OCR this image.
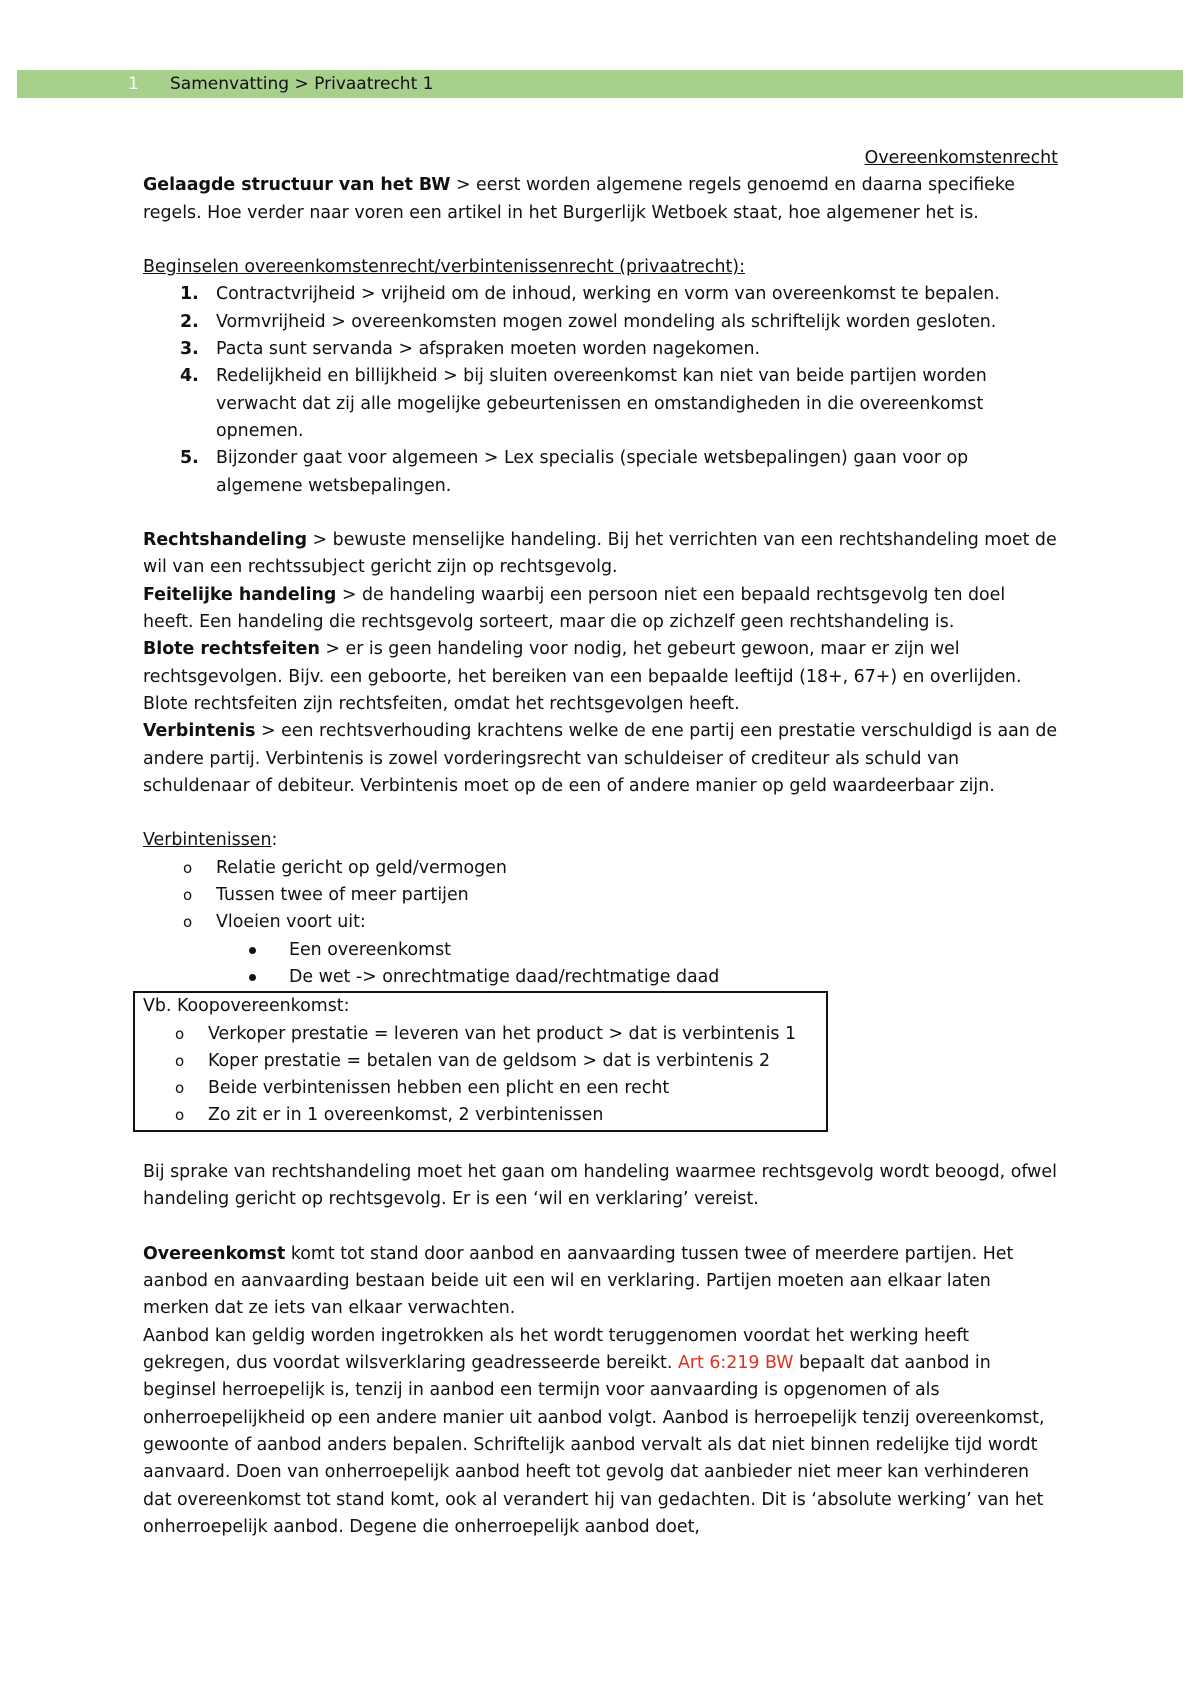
1 Samenvatting > Privaatrecht 1
Overeenkomstenrecht

Gelaagde structuur van het BW > eerst worden algemene regels genoemd en daarna specifieke regels. Hoe verder naar voren een artikel in het Burgerlijk Wetboek staat, hoe algemener het is.

Beginselen overeenkomstenrecht/verbintenissenrecht (privaatrecht):

1. Contractvrijheid > vrijheid om de inhoud, werking en vorm van overeenkomst te bepalen.
2. Vormvrijheid > overeenkomsten mogen zowel mondeling als schriftelijk worden gesloten.
3. Pacta sunt servanda > afspraken moeten worden nagekomen.
4. Redelijkheid en billijkheid > bij sluiten overeenkomst kan niet van beide partijen worden verwacht dat zij alle mogelijke gebeurtenissen en omstandigheden in die overeenkomst opnemen.
5. Bijzonder gaat voor algemeen > Lex specialis (speciale wetsbepalingen) gaan voor op algemene wetsbepalingen.

Rechtshandeling > bewuste menselijke handeling. Bij het verrichten van een rechtshandeling moet de wil van een rechtssubject gericht zijn op rechtsgevolg.

Feitelijke handeling > de handeling waarbij een persoon niet een bepaald rechtsgevolg ten doel heeft. Een handeling die rechtsgevolg sorteert, maar die op zichzelf geen rechtshandeling is.

Blote rechtsfeiten > er is geen handeling voor nodig, het gebeurt gewoon, maar er zijn wel rechtsgevolgen. Bijv. een geboorte, het bereiken van een bepaalde leeftijd (18+, 67+) en overlijden. Blote rechtsfeiten zijn rechtsfeiten, omdat het rechtsgevolgen heeft.

Verbintenis > een rechtsverhouding krachtens welke de ene partij een prestatie verschuldigd is aan de andere partij. Verbintenis is zowel vorderingsrecht van schuldeiser of crediteur als schuld van schuldenaar of debiteur. Verbintenis moet op de een of andere manier op geld waardeerbaar zijn.

Verbintenissen:

o Relatie gericht op geld/vermogen
o Tussen twee of meer partijen
o Vloeien voort uit:
Een overeenkomst
De wet -> onrechtmatige daad/rechtmatige daad

Vb. Koopovereenkomst:

o Verkoper prestatie = leveren van het product > dat is verbintenis 1
o Koper prestatie = betalen van de geldsom > dat is verbintenis 2
o Beide verbintenissen hebben een plicht en een recht
o Zo zit er in 1 overeenkomst, 2 verbintenissen

Bij sprake van rechtshandeling moet het gaan om handeling waarmee rechtsgevolg wordt beoogd, ofwel handeling gericht op rechtsgevolg. Er is een ‘wil en verklaring’ vereist.

Overeenkomst komt tot stand door aanbod en aanvaarding tussen twee of meerdere partijen. Het aanbod en aanvaarding bestaan beide uit een wil en verklaring. Partijen moeten aan elkaar laten merken dat ze iets van elkaar verwachten.

Aanbod kan geldig worden ingetrokken als het wordt teruggenomen voordat het werking heeft gekregen, dus voordat wilsverklaring geadresseerde bereikt. Art 6:219 BW bepaalt dat aanbod in beginsel herroepelijk is, tenzij in aanbod een termijn voor aanvaarding is opgenomen of als onherroepelijkheid op een andere manier uit aanbod volgt. Aanbod is herroepelijk tenzij overeenkomst, gewoonte of aanbod anders bepalen. Schriftelijk aanbod vervalt als dat niet binnen redelijke tijd wordt aanvaard. Doen van onherroepelijk aanbod heeft tot gevolg dat aanbieder niet meer kan verhinderen dat overeenkomst tot stand komt, ook al verandert hij van gedachten. Dit is ‘absolute werking’ van het onherroepelijk aanbod. Degene die onherroepelijk aanbod doet,
